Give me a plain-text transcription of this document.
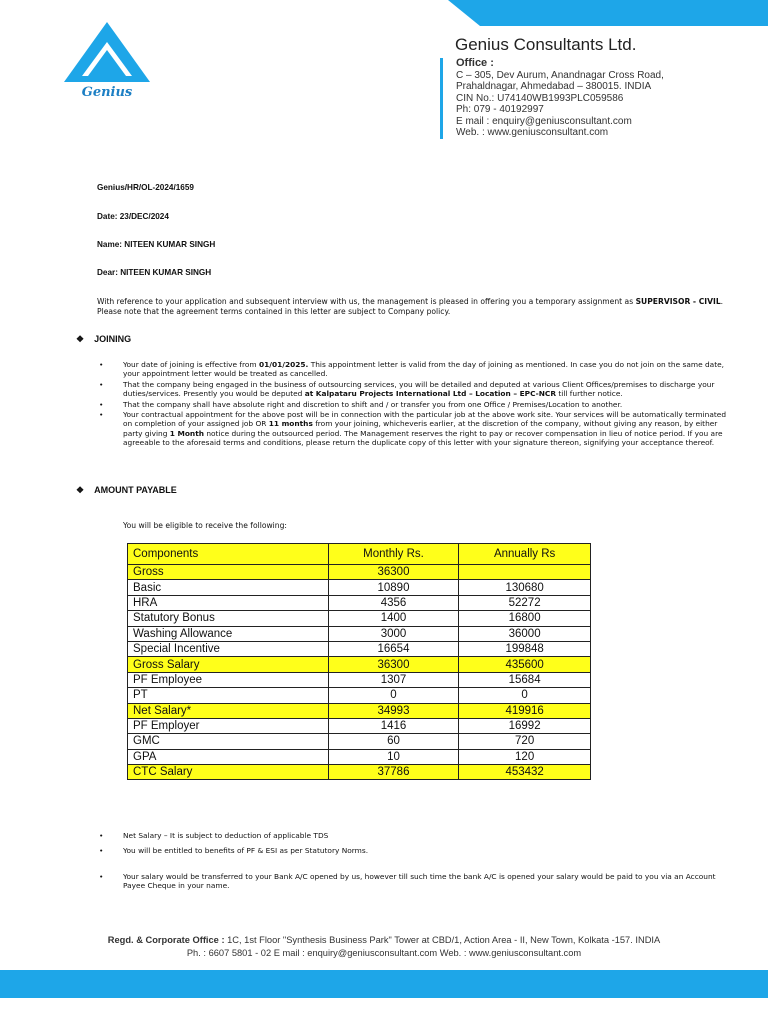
Genius
Genius Consultants Ltd.
Office :
C – 305, Dev Aurum, Anandnagar Cross Road,
Prahaldnagar, Ahmedabad – 380015. INDIA
CIN No.: U74140WB1993PLC059586
Ph: 079 - 40192997
E mail : enquiry@geniusconsultant.com
Web. : www.geniusconsultant.com
Genius/HR/OL-2024/1659
Date: 23/DEC/2024
Name: NITEEN KUMAR SINGH
Dear: NITEEN KUMAR SINGH
With reference to your application and subsequent interview with us, the management is pleased in offering you a temporary assignment as SUPERVISOR - CIVIL.
Please note that the agreement terms contained in this letter are subject to Company policy.
❖ JOINING
• Your date of joining is effective from 01/01/2025. This appointment letter is valid from the day of joining as mentioned. In case you do not join on the same date, your appointment letter would be treated as cancelled.
• That the company being engaged in the business of outsourcing services, you will be detailed and deputed at various Client Offices/premises to discharge your duties/services. Presently you would be deputed at Kalpataru Projects International Ltd – Location – EPC-NCR till further notice.
• That the company shall have absolute right and discretion to shift and / or transfer you from one Office / Premises/Location to another.
• Your contractual appointment for the above post will be in connection with the particular job at the above work site. Your services will be automatically terminated on completion of your assigned job OR 11 months from your joining, whicheveris earlier, at the discretion of the company, without giving any reason, by either party giving 1 Month notice during the outsourced period. The Management reserves the right to pay or recover compensation in lieu of notice period. If you are agreeable to the aforesaid terms and conditions, please return the duplicate copy of this letter with your signature thereon, signifying your acceptance thereof.
❖ AMOUNT PAYABLE
You will be eligible to receive the following:
Components	Monthly Rs.	Annually Rs
Gross	36300	
Basic	10890	130680
HRA	4356	52272
Statutory Bonus	1400	16800
Washing Allowance	3000	36000
Special Incentive	16654	199848
Gross Salary	36300	435600
PF Employee	1307	15684
PT	0	0
Net Salary*	34993	419916
PF Employer	1416	16992
GMC	60	720
GPA	10	120
CTC Salary	37786	453432
• Net Salary – It is subject to deduction of applicable TDS
• You will be entitled to benefits of PF & ESI as per Statutory Norms.
• Your salary would be transferred to your Bank A/C opened by us, however till such time the bank A/C is opened your salary would be paid to you via an Account Payee Cheque in your name.
Regd. & Corporate Office : 1C, 1st Floor "Synthesis Business Park" Tower at CBD/1, Action Area - II, New Town, Kolkata -157. INDIA
Ph. : 6607 5801 - 02 E mail : enquiry@geniusconsultant.com Web. : www.geniusconsultant.com
